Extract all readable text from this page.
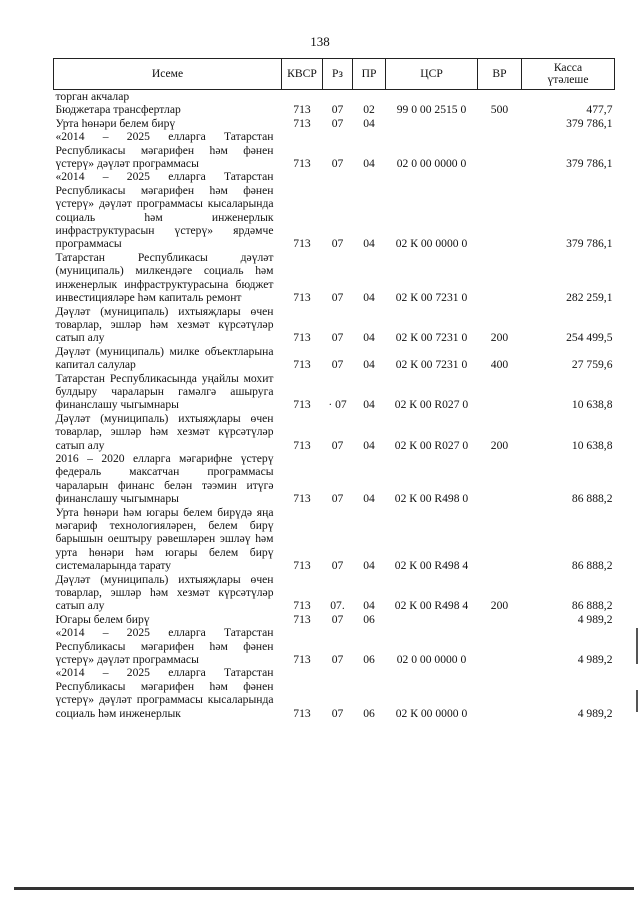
138
Исеме	КВСР	Рз	ПР	ЦСР	ВР	Касса
үтәлеше

торган акчалар						
Бюджетара трансфертлар	713	07	02	99 0 00 2515 0	500	477,7
Урта һөнәри белем бирү	713	07	04			379 786,1
«2014 – 2025 елларга Татарстан Республикасы мәгарифен һәм фәнен үстерү» дәүләт программасы	713	07	04	02 0 00 0000 0		379 786,1
«2014 – 2025 елларга Татарстан Республикасы мәгарифен һәм фәнен үстерү» дәүләт программасы кысаларында социаль һәм инженерлык инфраструктурасын үстерү» ярдәмче программасы	713	07	04	02 К 00 0000 0		379 786,1
Татарстан Республикасы дәүләт (муниципаль) милкендәге социаль һәм инженерлык инфраструктурасына бюджет инвестицияләре һәм капиталь ремонт	713	07	04	02 К 00 7231 0		282 259,1
Дәүләт (муниципаль) ихтыяҗлары өчен товарлар, эшләр һәм хезмәт күрсәтүләр сатып алу	713	07	04	02 К 00 7231 0	200	254 499,5
Дәүләт (муниципаль) милке объектларына капитал салулар	713	07	04	02 К 00 7231 0	400	27 759,6
Татарстан Республикасында уңайлы мохит булдыру чараларын гамәлгә ашыруга финанслашу чыгымнары	713	· 07	04	02 К 00 R027 0		10 638,8
Дәүләт (муниципаль) ихтыяҗлары өчен товарлар, эшләр һәм хезмәт күрсәтүләр сатып алу	713	07	04	02 К 00 R027 0	200	10 638,8
2016 – 2020 елларга мәгарифне үстерү федераль максатчан программасы чараларын финанс белән тәэмин итүгә финанслашу чыгымнары	713	07	04	02 К 00 R498 0		86 888,2
Урта һөнәри һәм югары белем бирүдә яңа мәгариф технологияләрен, белем бирү барышын оештыру рәвешләрен эшләү һәм урта һөнәри һәм югары белем бирү системаларында тарату	713	07	04	02 К 00 R498 4		86 888,2
Дәүләт (муниципаль) ихтыяҗлары өчен товарлар, эшләр һәм хезмәт күрсәтүләр сатып алу	713	07.	04	02 К 00 R498 4	200	86 888,2
Югары белем бирү	713	07	06			4 989,2
«2014 – 2025 елларга Татарстан Республикасы мәгарифен һәм фәнен үстерү» дәүләт программасы	713	07	06	02 0 00 0000 0		4 989,2
«2014 – 2025 елларга Татарстан Республикасы мәгарифен һәм фәнен үстерү» дәүләт программасы кысаларында социаль һәм инженерлык	713	07	06	02 К 00 0000 0		4 989,2
